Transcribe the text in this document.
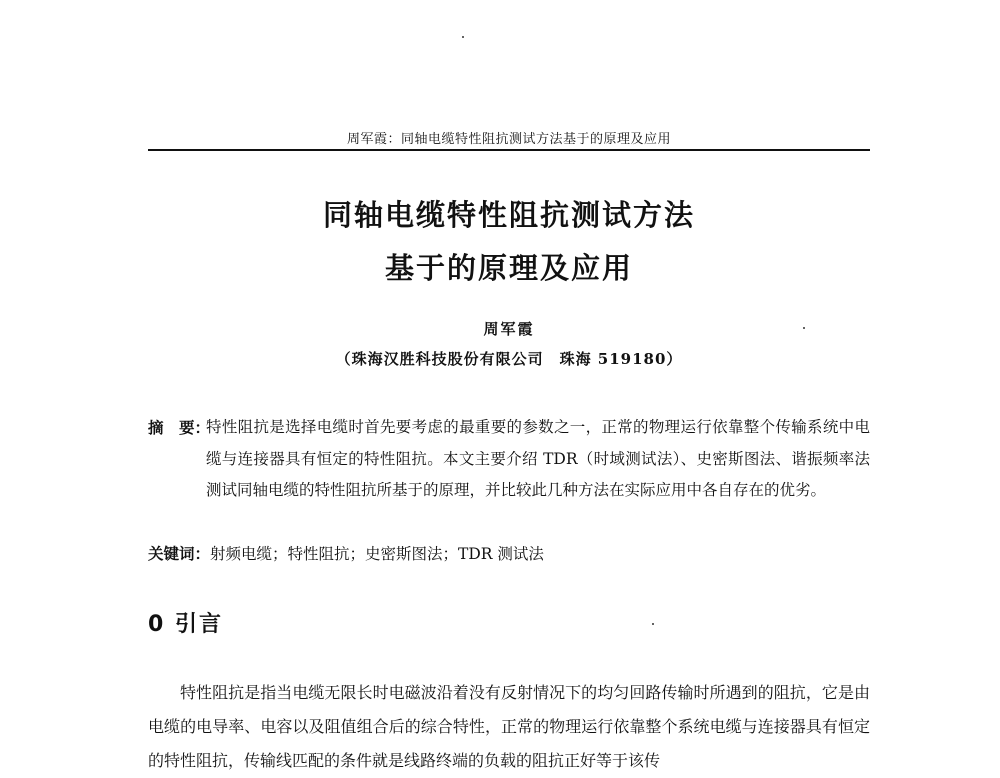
周军霞：同轴电缆特性阻抗测试方法基于的原理及应用
同轴电缆特性阻抗测试方法
基于的原理及应用
周军霞
（珠海汉胜科技股份有限公司　珠海 519180）
摘　要：
特性阻抗是选择电缆时首先要考虑的最重要的参数之一，正常的物理运行依靠整个传输系统中电缆与连接器具有恒定的特性阻抗。本文主要介绍 TDR（时域测试法）、史密斯图法、谐振频率法测试同轴电缆的特性阻抗所基于的原理，并比较此几种方法在实际应用中各自存在的优劣。
关键词：射频电缆；特性阻抗；史密斯图法；TDR 测试法
0 引言
特性阻抗是指当电缆无限长时电磁波沿着没有反射情况下的均匀回路传输时所遇到的阻抗，它是由电缆的电导率、电容以及阻值组合后的综合特性，正常的物理运行依靠整个系统电缆与连接器具有恒定的特性阻抗，传输线匹配的条件就是线路终端的负载的阻抗正好等于该传
